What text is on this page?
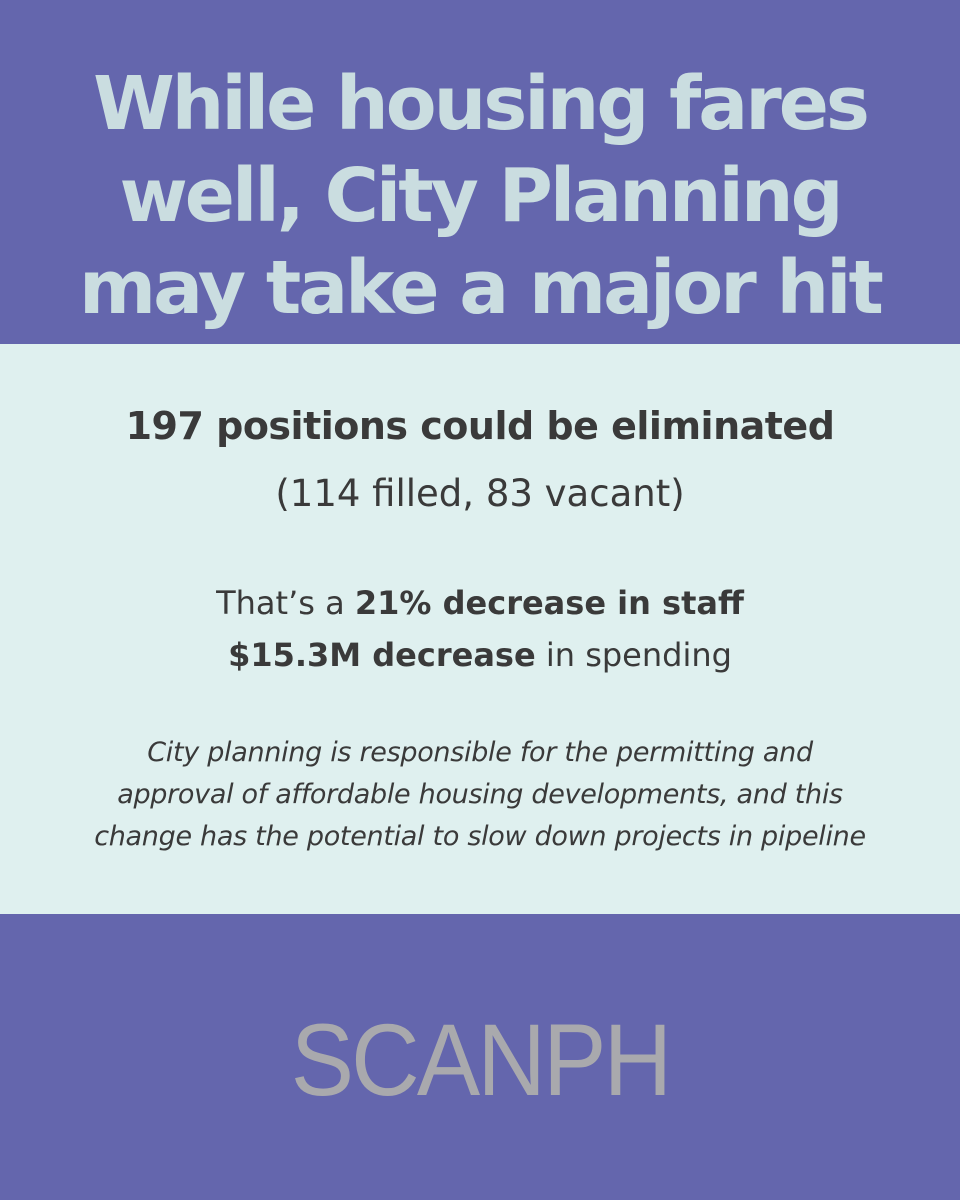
While housing fares
well, City Planning
may take a major hit
197 positions could be eliminated
(114 filled, 83 vacant)
That’s a 21% decrease in staff
$15.3M decrease in spending
City planning is responsible for the permitting and
approval of affordable housing developments, and this
change has the potential to slow down projects in pipeline
SCANPH
